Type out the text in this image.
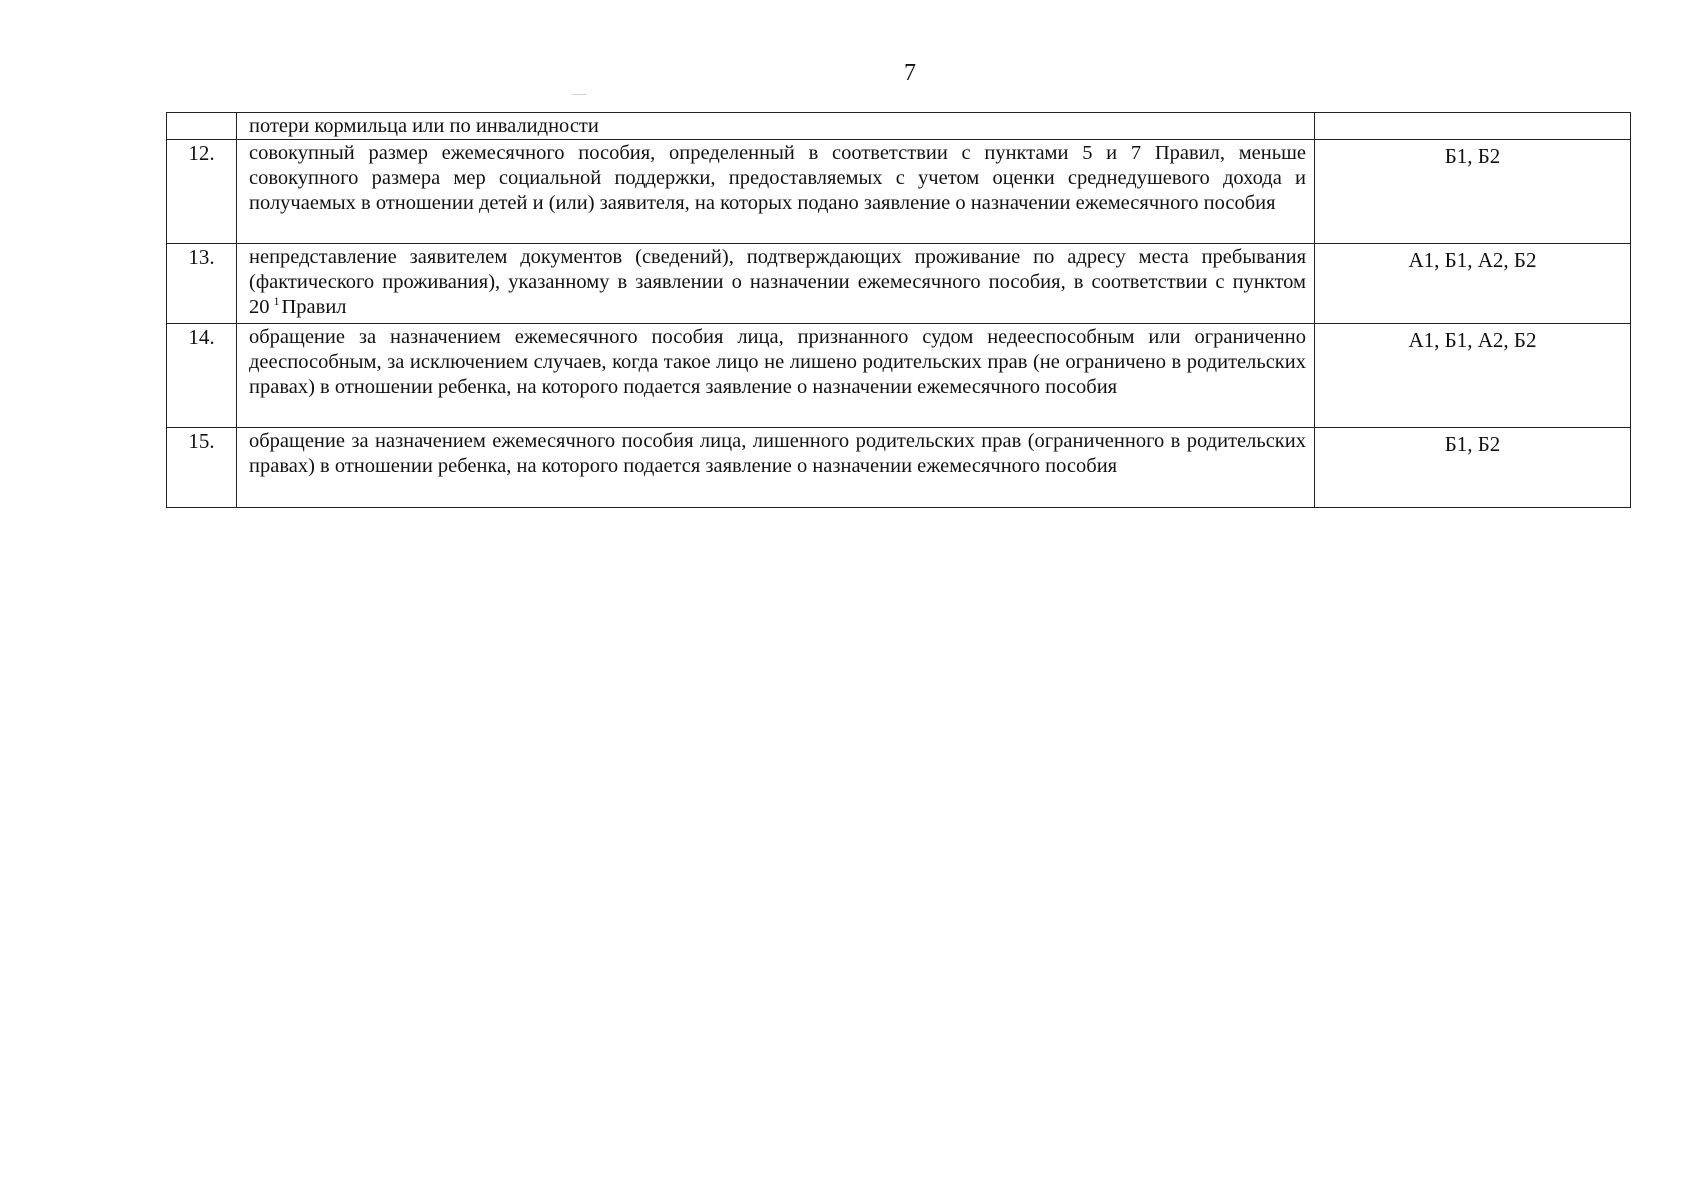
7
	потери кормильца или по инвалидности	
12.	совокупный размер ежемесячного пособия, определенный в соответствии с пунктами 5 и 7 Правил, меньше совокупного размера мер социальной поддержки, предоставляемых с учетом оценки среднедушевого дохода и получаемых в отношении детей и (или) заявителя, на которых подано заявление о назначении ежемесячного пособия	Б1, Б2
13.	непредставление заявителем документов (сведений), подтверждающих проживание по адресу места пребывания (фактического проживания), указанному в заявлении о назначении ежемесячного пособия, в соответствии с пунктом 20 $^1$Правил	А1, Б1, А2, Б2
14.	обращение за назначением ежемесячного пособия лица, признанного судом недееспособным или ограниченно дееспособным, за исключением случаев, когда такое лицо не лишено родительских прав (не ограничено в родительских правах) в отношении ребенка, на которого подается заявление о назначении ежемесячного пособия	А1, Б1, А2, Б2
15.	обращение за назначением ежемесячного пособия лица, лишенного родительских прав (ограниченного в родительских правах) в отношении ребенка, на которого подается заявление о назначении ежемесячного пособия	Б1, Б2
